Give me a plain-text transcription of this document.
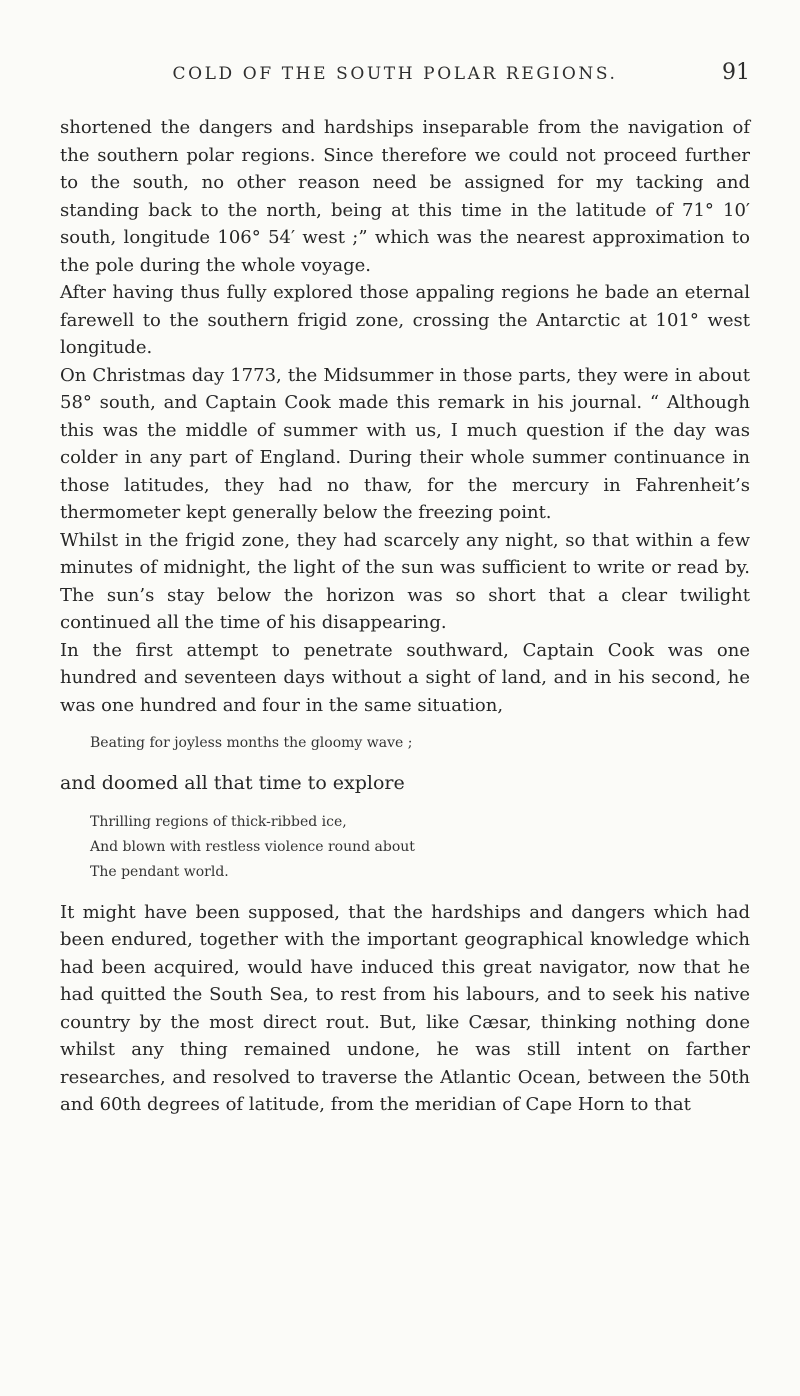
COLD OF THE SOUTH POLAR REGIONS.	91

shortened the dangers and hardships inseparable from the navigation of the southern polar regions. Since therefore we could not proceed further to the south, no other reason need be assigned for my tacking and standing back to the north, being at this time in the latitude of 71° 10′ south, longitude 106° 54′ west ;” which was the nearest approximation to the pole during the whole voyage.

After having thus fully explored those appaling regions he bade an eternal farewell to the southern frigid zone, crossing the Antarctic at 101° west longitude.

On Christmas day 1773, the Midsummer in those parts, they were in about 58° south, and Captain Cook made this remark in his journal. “ Although this was the middle of summer with us, I much question if the day was colder in any part of England. During their whole summer continuance in those latitudes, they had no thaw, for the mercury in Fahrenheit’s thermometer kept generally below the freezing point.

Whilst in the frigid zone, they had scarcely any night, so that within a few minutes of midnight, the light of the sun was sufficient to write or read by. The sun’s stay below the horizon was so short that a clear twilight continued all the time of his disappearing.

In the first attempt to penetrate southward, Captain Cook was one hundred and seventeen days without a sight of land, and in his second, he was one hundred and four in the same situation,

Beating for joyless months the gloomy wave ;

and doomed all that time to explore

Thrilling regions of thick-ribbed ice,
And blown with restless violence round about
The pendant world.

It might have been supposed, that the hardships and dangers which had been endured, together with the important geographical knowledge which had been acquired, would have induced this great navigator, now that he had quitted the South Sea, to rest from his labours, and to seek his native country by the most direct rout. But, like Cæsar, thinking nothing done whilst any thing remained undone, he was still intent on farther researches, and resolved to traverse the Atlantic Ocean, between the 50th and 60th degrees of latitude, from the meridian of Cape Horn to that
